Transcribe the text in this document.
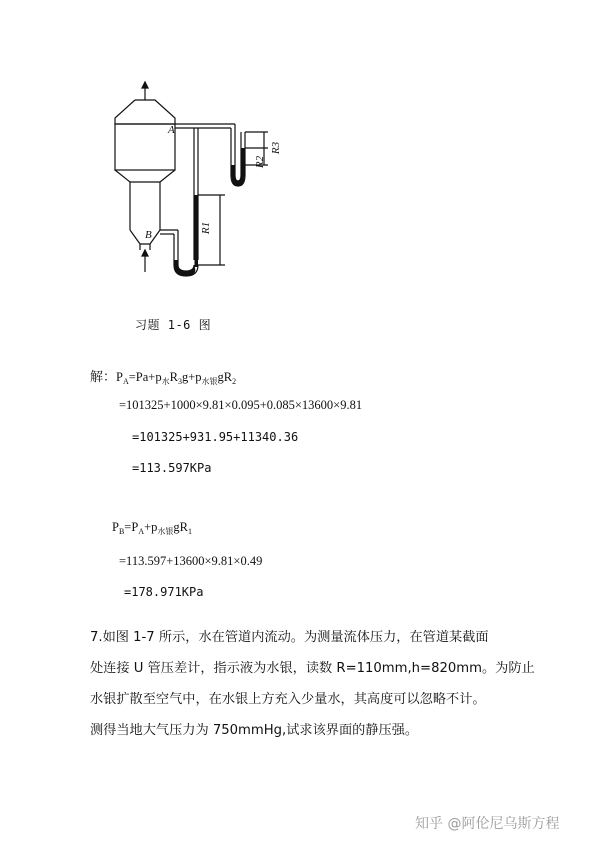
A
B
R1
R2
R3
习题 1-6 图
解：$P_A=Pa+p_水R_3g+p_{水银}gR_2$
=101325+1000×9.81×0.095+0.085×13600×9.81
=101325+931.95+11340.36
=113.597KPa
$P_B=P_A+p_{水银}gR_1$
=113.597+13600×9.81×0.49
=178.971KPa
7.如图 1-7 所示，水在管道内流动。为测量流体压力，在管道某截面
处连接 U 管压差计，指示液为水银，读数 R=110mm,h=820mm。为防止
水银扩散至空气中，在水银上方充入少量水，其高度可以忽略不计。
测得当地大气压力为 750mmHg,试求该界面的静压强。
知乎 @阿伦尼乌斯方程
